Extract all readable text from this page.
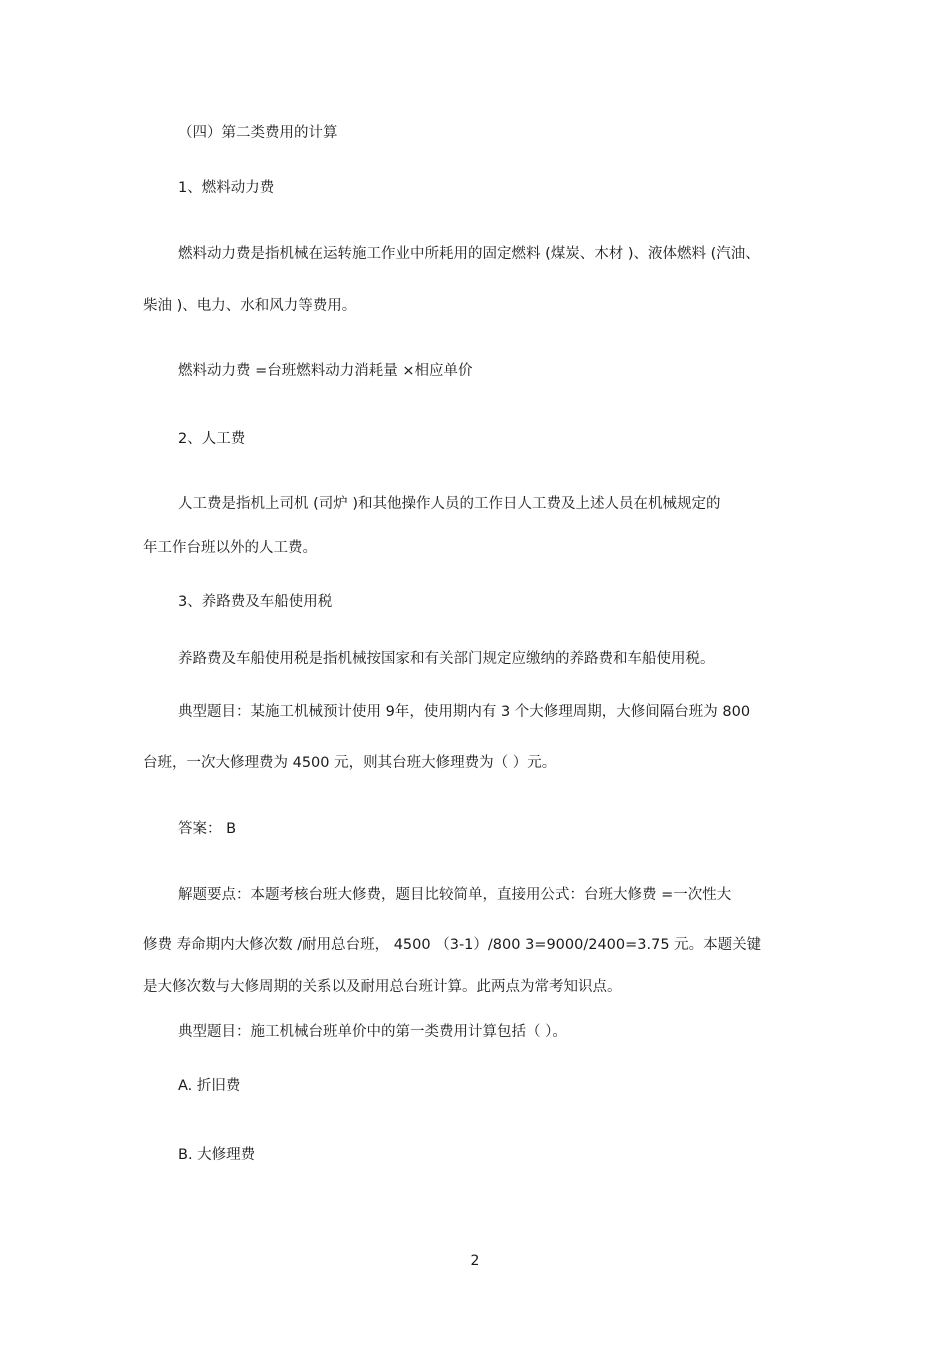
（四）第二类费用的计算
1、燃料动力费
燃料动力费是指机械在运转施工作业中所耗用的固定燃料 (煤炭、木材 )、液体燃料 (汽油、
柴油 )、电力、水和风力等费用。
燃料动力费 =台班燃料动力消耗量 ×相应单价
2、人工费
人工费是指机上司机 (司炉 )和其他操作人员的工作日人工费及上述人员在机械规定的
年工作台班以外的人工费。
3、养路费及车船使用税
养路费及车船使用税是指机械按国家和有关部门规定应缴纳的养路费和车船使用税。
典型题目：某施工机械预计使用 9年，使用期内有 3 个大修理周期，大修间隔台班为 800
台班，一次大修理费为 4500 元，则其台班大修理费为（ ）元。
答案： B
解题要点：本题考核台班大修费，题目比较简单，直接用公式：台班大修费 =一次性大
修费 寿命期内大修次数 /耐用总台班， 4500 （3-1）/800 3=9000/2400=3.75 元。本题关键
是大修次数与大修周期的关系以及耐用总台班计算。此两点为常考知识点。
典型题目：施工机械台班单价中的第一类费用计算包括（ ）。
A. 折旧费
B. 大修理费
2
